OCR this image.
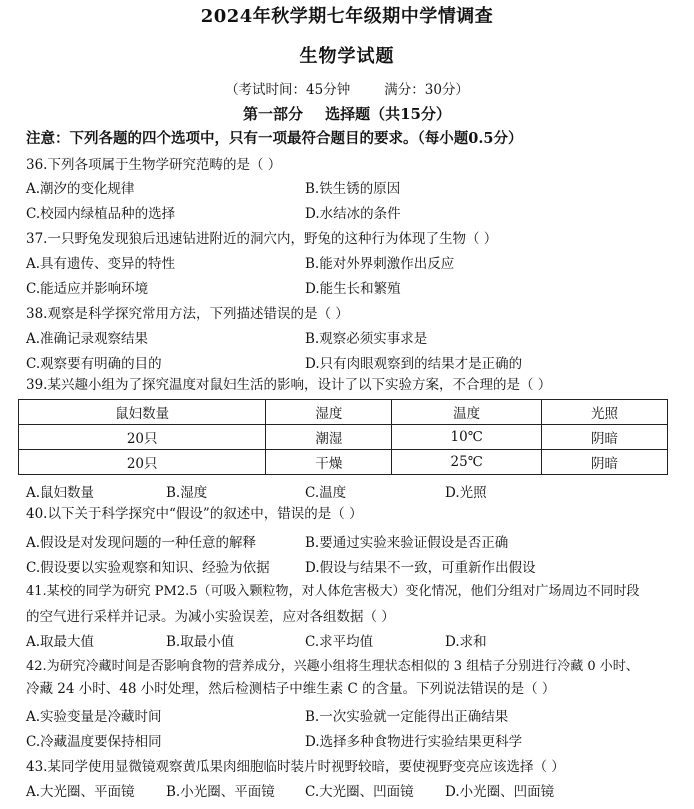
2024年秋学期七年级期中学情调查
生物学试题
（考试时间：45分钟	满分：30分）
第一部分 选择题（共15分）
注意：下列各题的四个选项中，只有一项最符合题目的要求。（每小题0.5分）
36.下列各项属于生物学研究范畴的是（ ）
A.潮汐的变化规律	B.铁生锈的原因
C.校园内绿植品种的选择	D.水结冰的条件
37.一只野兔发现狼后迅速钻进附近的洞穴内，野兔的这种行为体现了生物（ ）
A.具有遗传、变异的特性	B.能对外界刺激作出反应
C.能适应并影响环境	D.能生长和繁殖
38.观察是科学探究常用方法，下列描述错误的是（ ）
A.准确记录观察结果	B.观察必须实事求是
C.观察要有明确的目的	D.只有肉眼观察到的结果才是正确的
39.某兴趣小组为了探究温度对鼠妇生活的影响，设计了以下实验方案，不合理的是（ ）
鼠妇数量	湿度	温度	光照
20只	潮湿	10℃	阴暗
20只	干燥	25℃	阴暗
A.鼠妇数量	B.湿度	C.温度	D.光照
40.以下关于科学探究中“假设”的叙述中，错误的是（ ）
A.假设是对发现问题的一种任意的解释	B.要通过实验来验证假设是否正确
C.假设要以实验观察和知识、经验为依据	D.假设与结果不一致，可重新作出假设
41.某校的同学为研究 PM2.5（可吸入颗粒物，对人体危害极大）变化情况，他们分组对广场周边不同时段
的空气进行采样并记录。为减小实验误差，应对各组数据（ ）
A.取最大值	B.取最小值	C.求平均值	D.求和
42.为研究冷藏时间是否影响食物的营养成分，兴趣小组将生理状态相似的 3 组桔子分别进行冷藏 0 小时、
冷藏 24 小时、48 小时处理，然后检测桔子中维生素 C 的含量。下列说法错误的是（ ）
A.实验变量是冷藏时间	B.一次实验就一定能得出正确结果
C.冷藏温度要保持相同	D.选择多种食物进行实验结果更科学
43.某同学使用显微镜观察黄瓜果肉细胞临时装片时视野较暗，要使视野变亮应该选择（ ）
A.大光圈、平面镜 B.小光圈、平面镜 C.大光圈、凹面镜 D.小光圈、凹面镜
